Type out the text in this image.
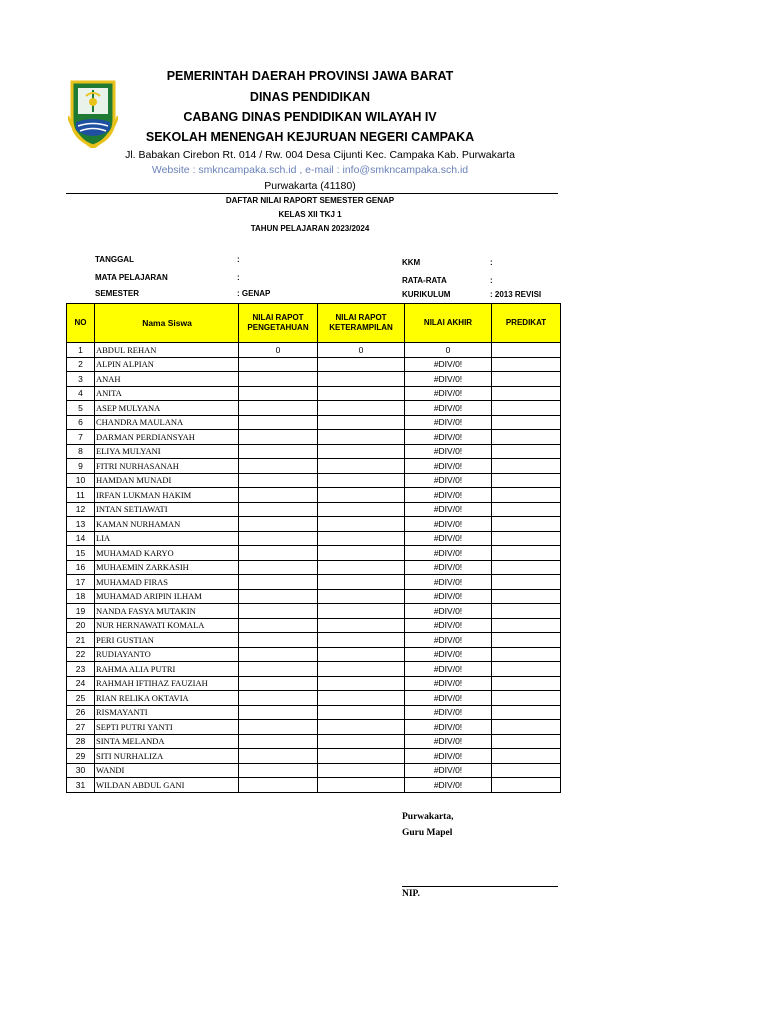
PEMERINTAH DAERAH PROVINSI JAWA BARAT
DINAS PENDIDIKAN
CABANG DINAS PENDIDIKAN WILAYAH IV
SEKOLAH MENENGAH KEJURUAN NEGERI CAMPAKA
Jl. Babakan Cirebon Rt. 014 / Rw. 004 Desa Cijunti Kec. Campaka Kab. Purwakarta
Website : smkncampaka.sch.id , e-mail : info@smkncampaka.sch.id
Purwakarta (41180)
DAFTAR NILAI RAPORT SEMESTER GENAP
KELAS XII TKJ 1
TAHUN PELAJARAN 2023/2024
TANGGAL	:
MATA PELAJARAN	:
SEMESTER	: GENAP
KKM	:
RATA-RATA	:
KURIKULUM	: 2013 REVISI
NO	Nama Siswa	NILAI RAPOT PENGETAHUAN	NILAI RAPOT KETERAMPILAN	NILAI AKHIR	PREDIKAT
1	ABDUL REHAN	0	0	0	
2	ALPIN ALPIAN			#DIV/0!	
3	ANAH			#DIV/0!	
4	ANITA			#DIV/0!	
5	ASEP MULYANA			#DIV/0!	
6	CHANDRA MAULANA			#DIV/0!	
7	DARMAN PERDIANSYAH			#DIV/0!	
8	ELIYA MULYANI			#DIV/0!	
9	FITRI NURHASANAH			#DIV/0!	
10	HAMDAN MUNADI			#DIV/0!	
11	IRFAN LUKMAN HAKIM			#DIV/0!	
12	INTAN SETIAWATI			#DIV/0!	
13	KAMAN NURHAMAN			#DIV/0!	
14	LIA			#DIV/0!	
15	MUHAMAD KARYO			#DIV/0!	
16	MUHAEMIN ZARKASIH			#DIV/0!	
17	MUHAMAD FIRAS			#DIV/0!	
18	MUHAMAD ARIPIN ILHAM			#DIV/0!	
19	NANDA FASYA MUTAKIN			#DIV/0!	
20	NUR HERNAWATI KOMALA			#DIV/0!	
21	PERI GUSTIAN			#DIV/0!	
22	RUDIAYANTO			#DIV/0!	
23	RAHMA ALIA PUTRI			#DIV/0!	
24	RAHMAH IFTIHAZ FAUZIAH			#DIV/0!	
25	RIAN RELIKA OKTAVIA			#DIV/0!	
26	RISMAYANTI			#DIV/0!	
27	SEPTI PUTRI YANTI			#DIV/0!	
28	SINTA MELANDA			#DIV/0!	
29	SITI NURHALIZA			#DIV/0!	
30	WANDI			#DIV/0!	
31	WILDAN ABDUL GANI			#DIV/0!	
Purwakarta,
Guru Mapel
NIP.
